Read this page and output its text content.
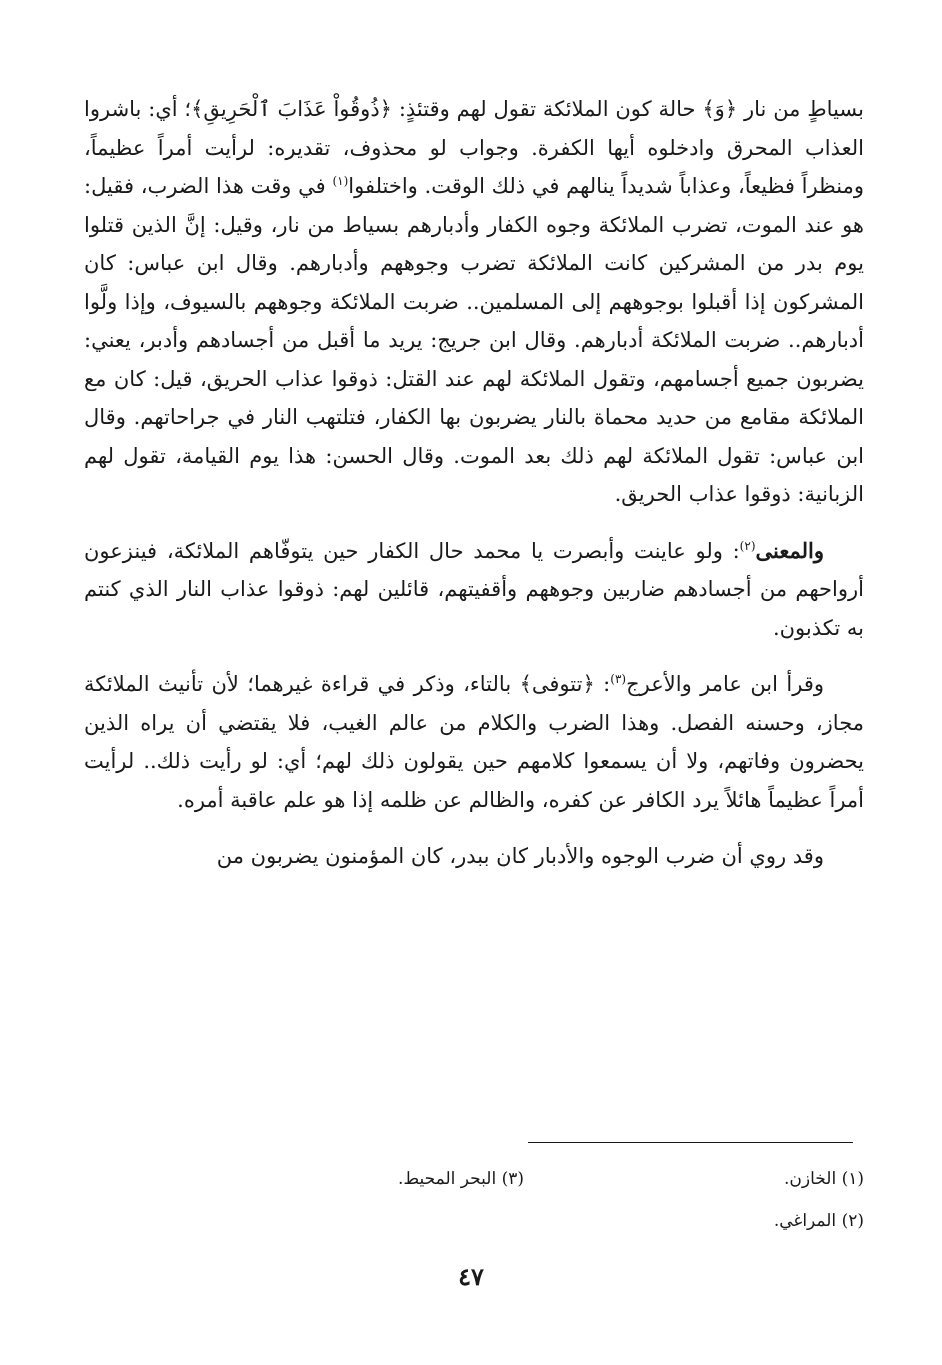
بسياطٍ من نار ﴿وَ﴾ حالة كون الملائكة تقول لهم وقتئذٍ: ﴿ذُوقُواْ عَذَابَ ٱلْحَرِيقِ﴾؛ أي: باشروا العذاب المحرق وادخلوه أيها الكفرة. وجواب لو محذوف، تقديره: لرأيت أمراً عظيماً، ومنظراً فظيعاً، وعذاباً شديداً ينالهم في ذلك الوقت. واختلفوا$^{(١)}$ في وقت هذا الضرب، فقيل: هو عند الموت، تضرب الملائكة وجوه الكفار وأدبارهم بسياط من نار، وقيل: إنَّ الذين قتلوا يوم بدر من المشركين كانت الملائكة تضرب وجوههم وأدبارهم. وقال ابن عباس: كان المشركون إذا أقبلوا بوجوههم إلى المسلمين.. ضربت الملائكة وجوههم بالسيوف، وإذا ولَّوا أدبارهم.. ضربت الملائكة أدبارهم. وقال ابن جريج: يريد ما أقبل من أجسادهم وأدبر، يعني: يضربون جميع أجسامهم، وتقول الملائكة لهم عند القتل: ذوقوا عذاب الحريق، قيل: كان مع الملائكة مقامع من حديد محماة بالنار يضربون بها الكفار، فتلتهب النار في جراحاتهم. وقال ابن عباس: تقول الملائكة لهم ذلك بعد الموت. وقال الحسن: هذا يوم القيامة، تقول لهم الزبانية: ذوقوا عذاب الحريق.

والمعنى$^{(٢)}$: ولو عاينت وأبصرت يا محمد حال الكفار حين يتوفّاهم الملائكة، فينزعون أرواحهم من أجسادهم ضاربين وجوههم وأقفيتهم، قائلين لهم: ذوقوا عذاب النار الذي كنتم به تكذبون.

وقرأ ابن عامر والأعرج$^{(٣)}$: ﴿تتوفى﴾ بالتاء، وذكر في قراءة غيرهما؛ لأن تأنيث الملائكة مجاز، وحسنه الفصل. وهذا الضرب والكلام من عالم الغيب، فلا يقتضي أن يراه الذين يحضرون وفاتهم، ولا أن يسمعوا كلامهم حين يقولون ذلك لهم؛ أي: لو رأيت ذلك.. لرأيت أمراً عظيماً هائلاً يرد الكافر عن كفره، والظالم عن ظلمه إذا هو علم عاقبة أمره.

وقد روي أن ضرب الوجوه والأدبار كان ببدر، كان المؤمنون يضربون من

(١) الخازن.
(٣) البحر المحيط.
(٢) المراغي.
٤٧
